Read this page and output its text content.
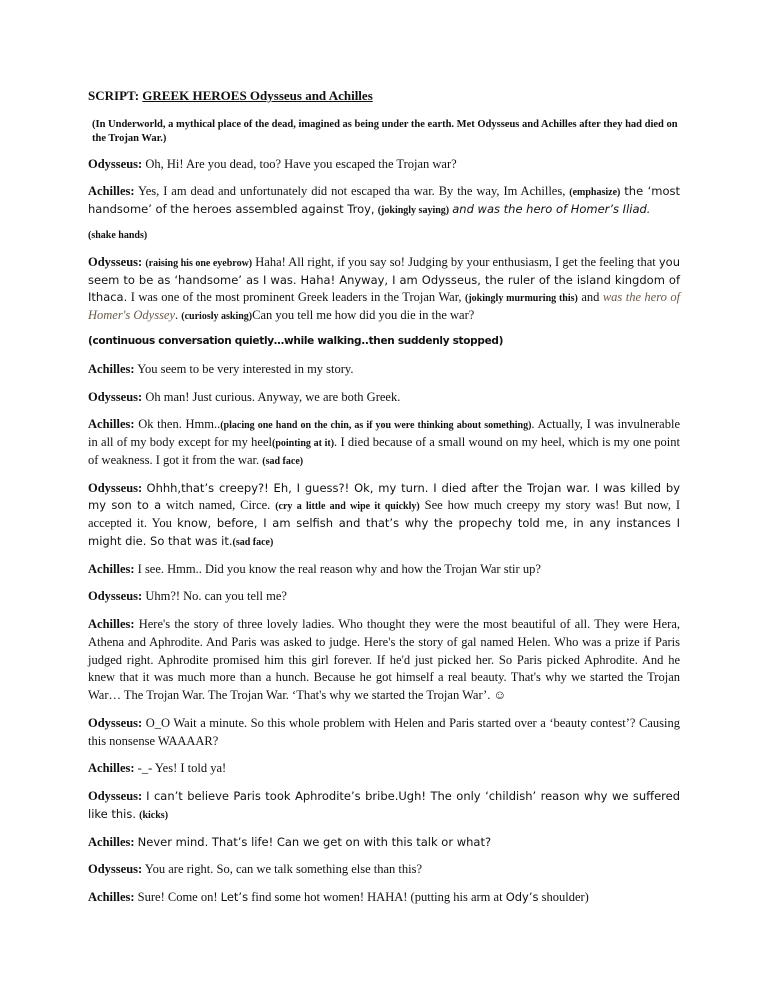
SCRIPT: GREEK HEROES Odysseus and Achilles

(In Underworld, a mythical place of the dead, imagined as being under the earth. Met Odysseus and Achilles after they had died on the Trojan War.)

Odysseus: Oh, Hi! Are you dead, too? Have you escaped the Trojan war?

Achilles: Yes, I am dead and unfortunately did not escaped tha war. By the way, Im Achilles, (emphasize) the ‘most handsome’ of the heroes assembled against Troy, (jokingly saying) and was the hero of Homer’s Iliad.

(shake hands)

Odysseus: (raising his one eyebrow) Haha! All right, if you say so! Judging by your enthusiasm, I get the feeling that you seem to be as ‘handsome’ as I was. Haha! Anyway, I am Odysseus, the ruler of the island kingdom of Ithaca. I was one of the most prominent Greek leaders in the Trojan War, (jokingly murmuring this) and was the hero of Homer's Odyssey. (curiosly asking)Can you tell me how did you die in the war?

(continuous conversation quietly…while walking..then suddenly stopped)

Achilles: You seem to be very interested in my story.

Odysseus: Oh man! Just curious. Anyway, we are both Greek.

Achilles: Ok then. Hmm..(placing one hand on the chin, as if you were thinking about something). Actually, I was invulnerable in all of my body except for my heel(pointing at it). I died because of a small wound on my heel, which is my one point of weakness. I got it from the war. (sad face)

Odysseus: Ohhh,that’s creepy?! Eh, I guess?! Ok, my turn. I died after the Trojan war. I was killed by my son to a witch named, Circe. (cry a little and wipe it quickly) See how much creepy my story was! But now, I accepted it. You know, before, I am selfish and that’s why the propechy told me, in any instances I might die. So that was it.(sad face)

Achilles: I see. Hmm.. Did you know the real reason why and how the Trojan War stir up?

Odysseus: Uhm?! No. can you tell me?

Achilles: Here's the story of three lovely ladies. Who thought they were the most beautiful of all. They were Hera, Athena and Aphrodite. And Paris was asked to judge. Here's the story of gal named Helen. Who was a prize if Paris judged right. Aphrodite promised him this girl forever. If he'd just picked her. So Paris picked Aphrodite. And he knew that it was much more than a hunch. Because he got himself a real beauty. That's why we started the Trojan War… The Trojan War. The Trojan War. ‘That's why we started the Trojan War’. ☺

Odysseus: O_O Wait a minute. So this whole problem with Helen and Paris started over a ‘beauty contest’? Causing this nonsense WAAAAR?

Achilles: -_- Yes! I told ya!

Odysseus: I can’t believe Paris took Aphrodite’s bribe.Ugh! The only ‘childish’ reason why we suffered like this. (kicks)

Achilles: Never mind. That’s life! Can we get on with this talk or what?

Odysseus: You are right. So, can we talk something else than this?

Achilles: Sure! Come on! Let’s find some hot women! HAHA! (putting his arm at Ody’s shoulder)
